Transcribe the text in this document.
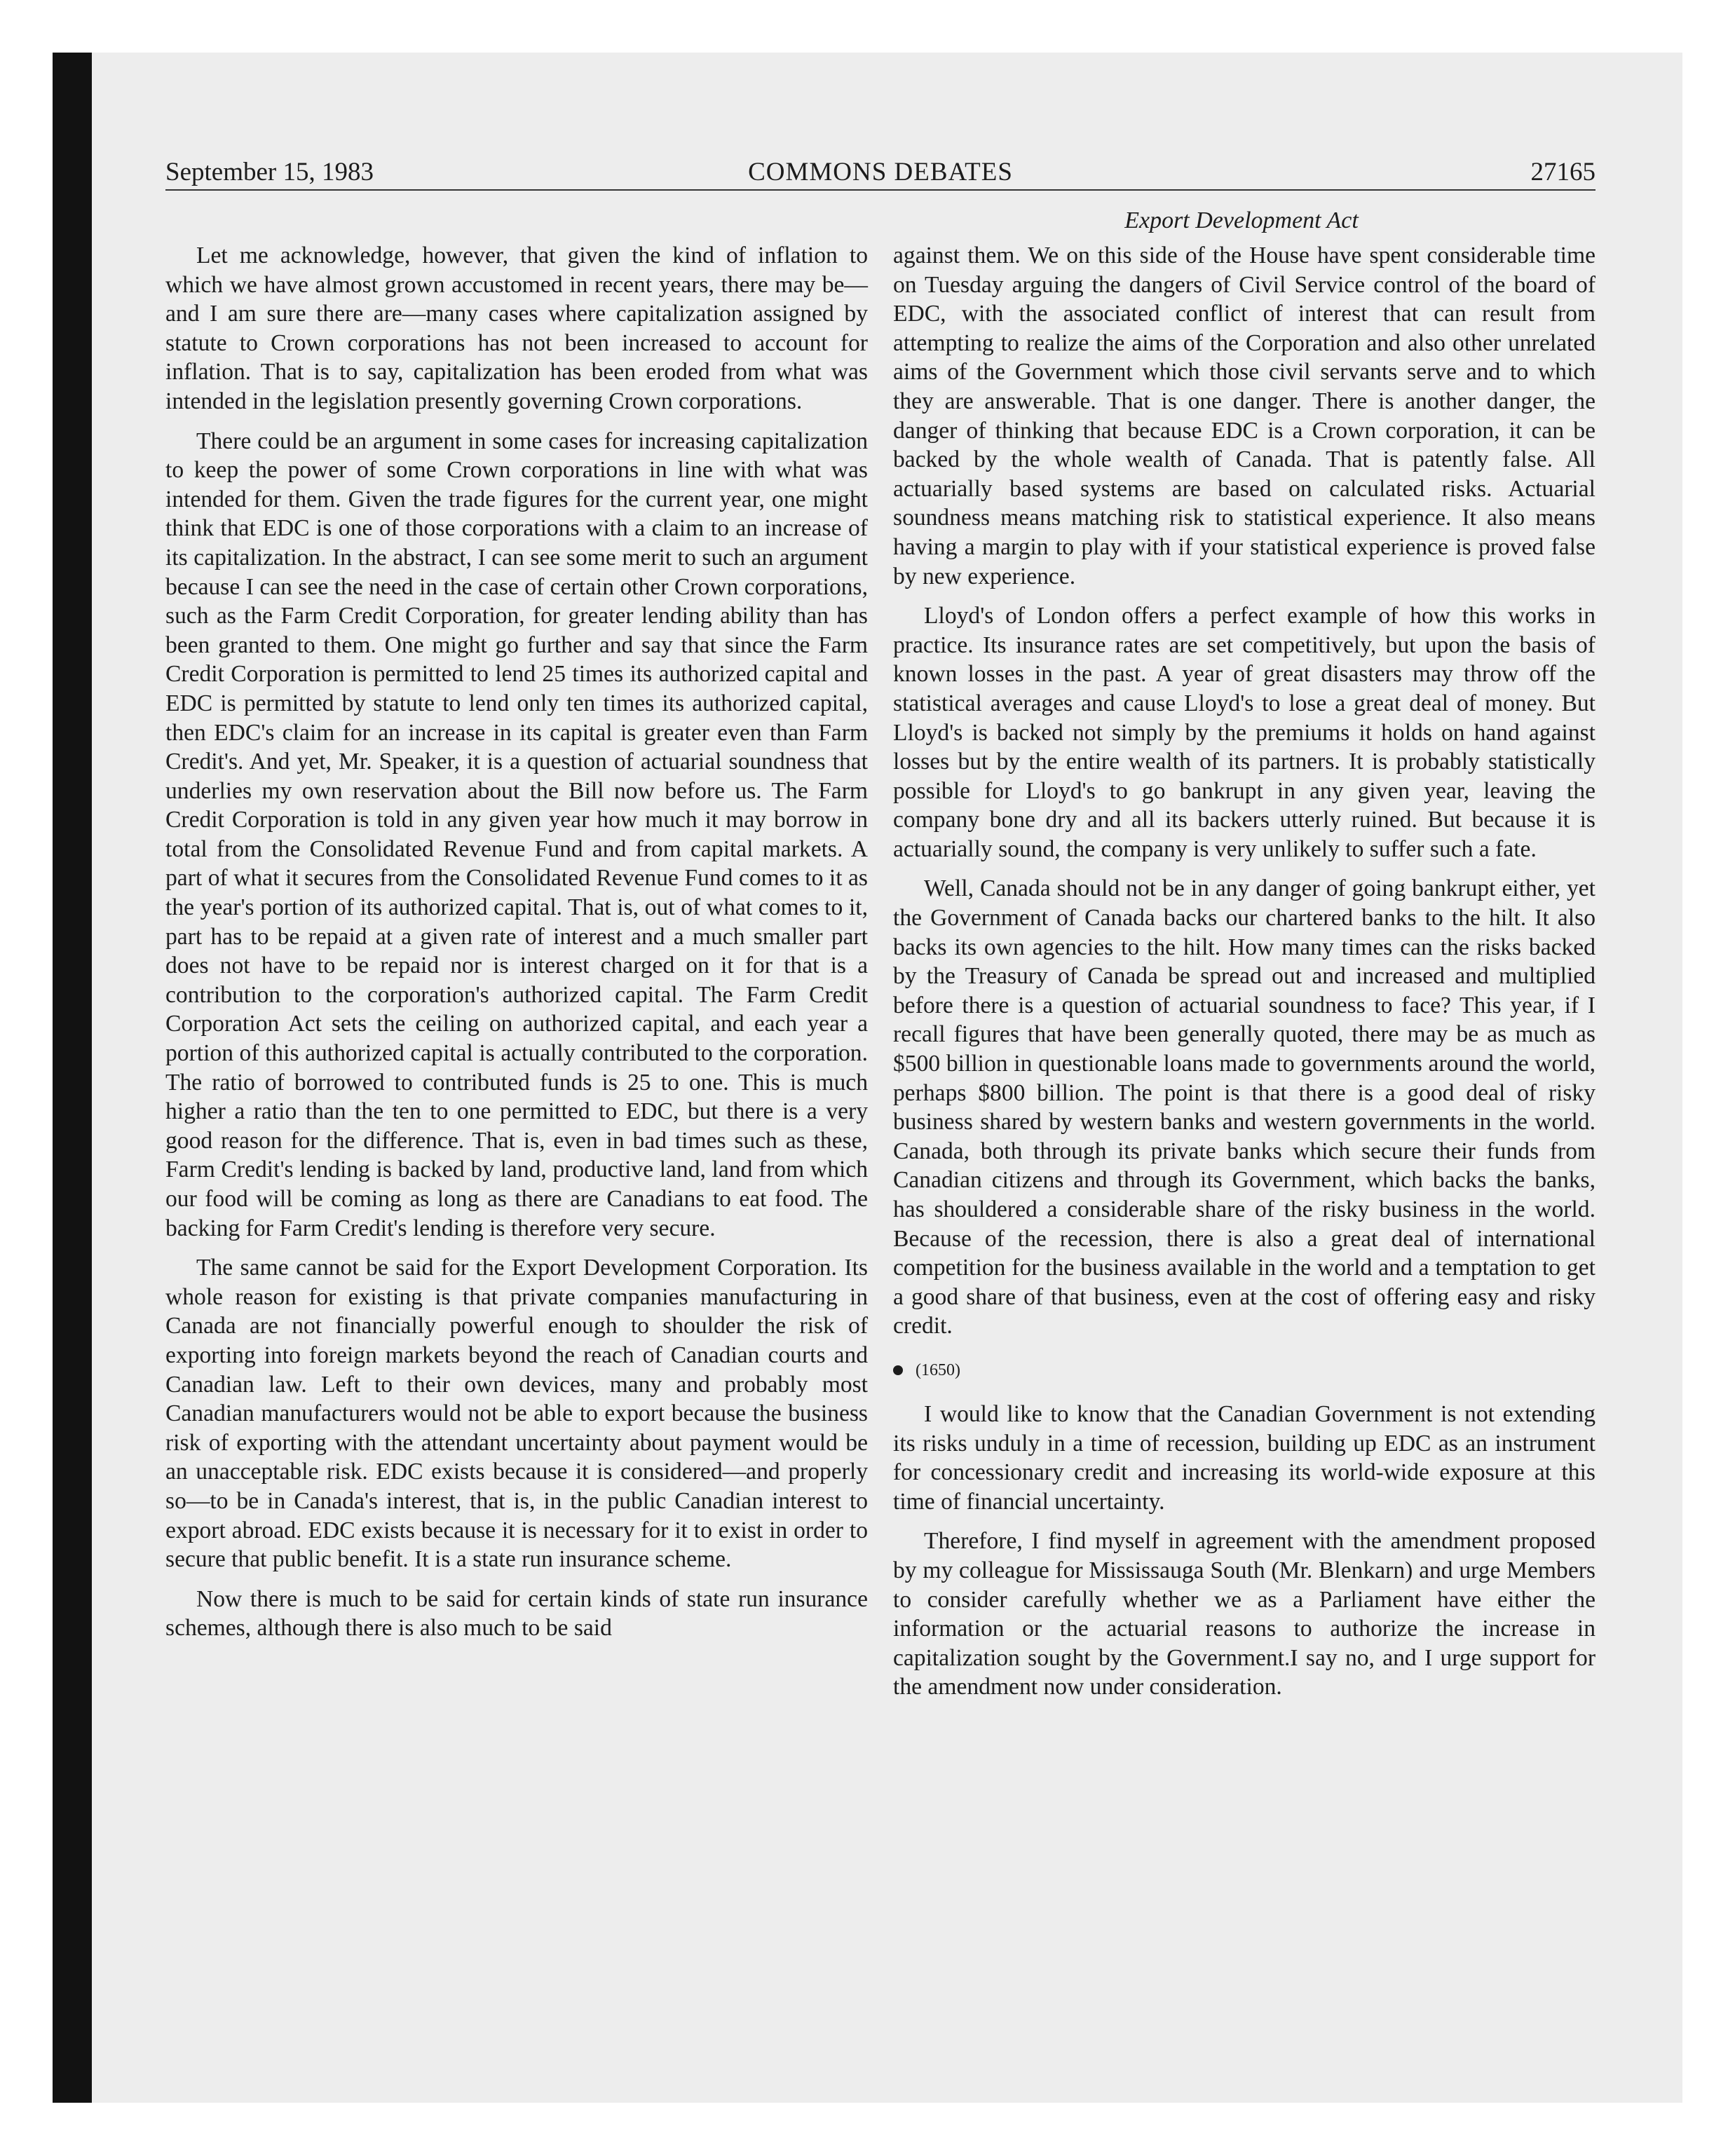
September 15, 1983	COMMONS DEBATES	27165
Export Development Act

Let me acknowledge, however, that given the kind of inflation to which we have almost grown accustomed in recent years, there may be—and I am sure there are—many cases where capitalization assigned by statute to Crown corporations has not been increased to account for inflation. That is to say, capitalization has been eroded from what was intended in the legislation presently governing Crown corporations.

There could be an argument in some cases for increasing capitalization to keep the power of some Crown corporations in line with what was intended for them. Given the trade figures for the current year, one might think that EDC is one of those corporations with a claim to an increase of its capitalization. In the abstract, I can see some merit to such an argument because I can see the need in the case of certain other Crown corporations, such as the Farm Credit Corporation, for greater lending ability than has been granted to them. One might go further and say that since the Farm Credit Corporation is permitted to lend 25 times its authorized capital and EDC is permitted by statute to lend only ten times its authorized capital, then EDC's claim for an increase in its capital is greater even than Farm Credit's. And yet, Mr. Speaker, it is a question of actuarial soundness that underlies my own reservation about the Bill now before us. The Farm Credit Corporation is told in any given year how much it may borrow in total from the Consolidated Revenue Fund and from capital markets. A part of what it secures from the Consolidated Revenue Fund comes to it as the year's portion of its authorized capital. That is, out of what comes to it, part has to be repaid at a given rate of interest and a much smaller part does not have to be repaid nor is interest charged on it for that is a contribution to the corporation's authorized capital. The Farm Credit Corporation Act sets the ceiling on authorized capital, and each year a portion of this authorized capital is actually contributed to the corporation. The ratio of borrowed to contributed funds is 25 to one. This is much higher a ratio than the ten to one permitted to EDC, but there is a very good reason for the difference. That is, even in bad times such as these, Farm Credit's lending is backed by land, productive land, land from which our food will be coming as long as there are Canadians to eat food. The backing for Farm Credit's lending is therefore very secure.

The same cannot be said for the Export Development Corporation. Its whole reason for existing is that private companies manufacturing in Canada are not financially powerful enough to shoulder the risk of exporting into foreign markets beyond the reach of Canadian courts and Canadian law. Left to their own devices, many and probably most Canadian manufacturers would not be able to export because the business risk of exporting with the attendant uncertainty about payment would be an unacceptable risk. EDC exists because it is considered—and properly so—to be in Canada's interest, that is, in the public Canadian interest to export abroad. EDC exists because it is necessary for it to exist in order to secure that public benefit. It is a state run insurance scheme.

Now there is much to be said for certain kinds of state run insurance schemes, although there is also much to be said

against them. We on this side of the House have spent considerable time on Tuesday arguing the dangers of Civil Service control of the board of EDC, with the associated conflict of interest that can result from attempting to realize the aims of the Corporation and also other unrelated aims of the Government which those civil servants serve and to which they are answerable. That is one danger. There is another danger, the danger of thinking that because EDC is a Crown corporation, it can be backed by the whole wealth of Canada. That is patently false. All actuarially based systems are based on calculated risks. Actuarial soundness means matching risk to statistical experience. It also means having a margin to play with if your statistical experience is proved false by new experience.

Lloyd's of London offers a perfect example of how this works in practice. Its insurance rates are set competitively, but upon the basis of known losses in the past. A year of great disasters may throw off the statistical averages and cause Lloyd's to lose a great deal of money. But Lloyd's is backed not simply by the premiums it holds on hand against losses but by the entire wealth of its partners. It is probably statistically possible for Lloyd's to go bankrupt in any given year, leaving the company bone dry and all its backers utterly ruined. But because it is actuarially sound, the company is very unlikely to suffer such a fate.

Well, Canada should not be in any danger of going bankrupt either, yet the Government of Canada backs our chartered banks to the hilt. It also backs its own agencies to the hilt. How many times can the risks backed by the Treasury of Canada be spread out and increased and multiplied before there is a question of actuarial soundness to face? This year, if I recall figures that have been generally quoted, there may be as much as $500 billion in questionable loans made to governments around the world, perhaps $800 billion. The point is that there is a good deal of risky business shared by western banks and western governments in the world. Canada, both through its private banks which secure their funds from Canadian citizens and through its Government, which backs the banks, has shouldered a considerable share of the risky business in the world. Because of the recession, there is also a great deal of international competition for the business available in the world and a temptation to get a good share of that business, even at the cost of offering easy and risky credit.

(1650)

I would like to know that the Canadian Government is not extending its risks unduly in a time of recession, building up EDC as an instrument for concessionary credit and increasing its world-wide exposure at this time of financial uncertainty.

Therefore, I find myself in agreement with the amendment proposed by my colleague for Mississauga South (Mr. Blenkarn) and urge Members to consider carefully whether we as a Parliament have either the information or the actuarial reasons to authorize the increase in capitalization sought by the Government.I say no, and I urge support for the amendment now under consideration.
